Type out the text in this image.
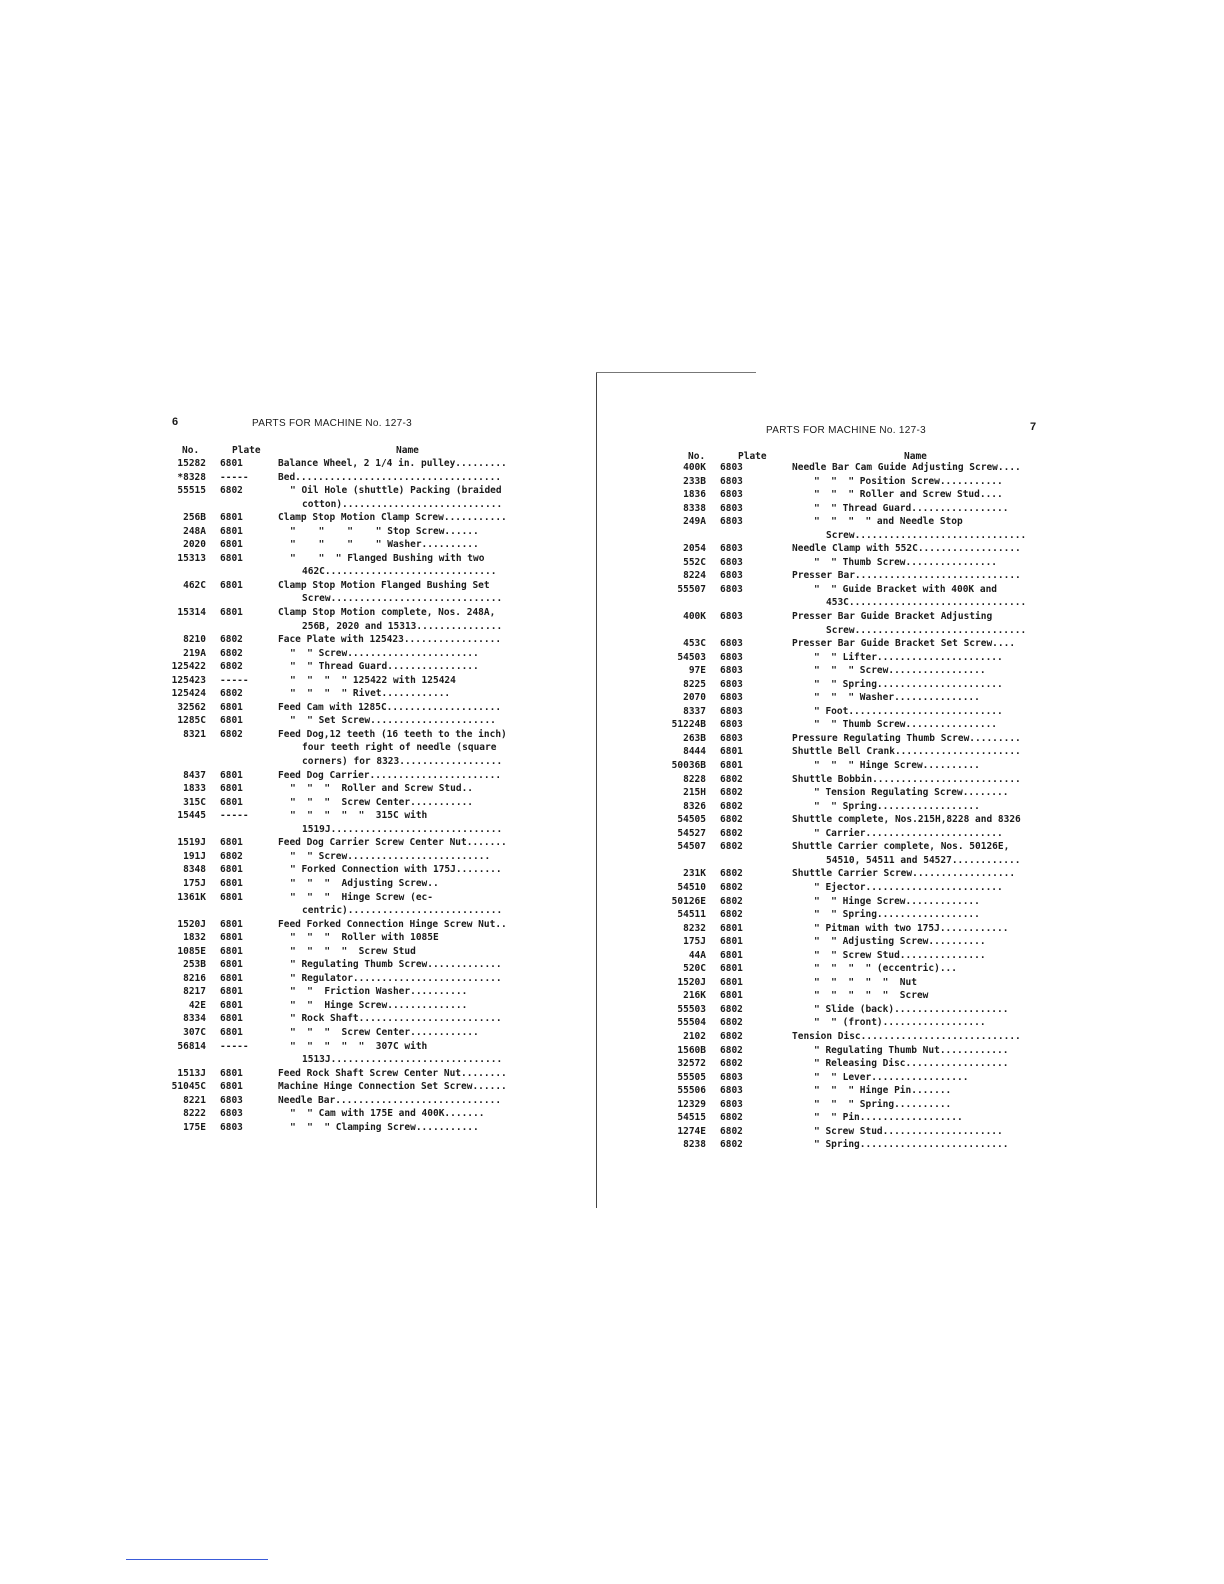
6	PARTS FOR MACHINE No. 127-3
No.	Plate	Name
15282 6801	Balance Wheel, 2 1/4 in. pulley.........
*8328 -----	Bed....................................
55515 6802	" Oil Hole (shuttle) Packing (braided
cotton)............................
256B 6801	Clamp Stop Motion Clamp Screw...........
248A 6801	"    "    "    " Stop Screw......
2020 6801	"    "    "    " Washer..........
15313 6801	"    "  " Flanged Bushing with two
462C..............................
462C 6801	Clamp Stop Motion Flanged Bushing Set
Screw..............................
15314 6801	Clamp Stop Motion complete, Nos. 248A,
256B, 2020 and 15313...............
8210 6802	Face Plate with 125423.................
219A 6802	"  " Screw.......................
125422 6802	"  " Thread Guard................
125423 -----	"  "  "  " 125422 with 125424
125424 6802	"  "  "  " Rivet............
32562 6801	Feed Cam with 1285C....................
1285C 6801	"  " Set Screw......................
8321 6802	Feed Dog,12 teeth (16 teeth to the inch)
four teeth right of needle (square
corners) for 8323..................
8437 6801	Feed Dog Carrier.......................
1833 6801	"  "  "  Roller and Screw Stud..
315C 6801	"  "  "  Screw Center...........
15445 -----	"  "  "  "  "  315C with
1519J..............................
1519J 6801	Feed Dog Carrier Screw Center Nut.......
191J 6802	"  " Screw.........................
8348 6801	" Forked Connection with 175J........
175J 6801	"  "  "  Adjusting Screw..
1361K 6801	"  "  "  Hinge Screw (ec-
centric)...........................
1520J 6801	Feed Forked Connection Hinge Screw Nut..
1832 6801	"  "  "  Roller with 1085E
1085E 6801	"  "  "  "  Screw Stud
253B 6801	" Regulating Thumb Screw.............
8216 6801	" Regulator..........................
8217 6801	"  "  Friction Washer..........
42E 6801	"  "  Hinge Screw..............
8334 6801	" Rock Shaft.........................
307C 6801	"  "  "  Screw Center............
56814 -----	"  "  "  "  "  307C with
1513J..............................
1513J 6801	Feed Rock Shaft Screw Center Nut........
51045C 6801	Machine Hinge Connection Set Screw......
8221 6803	Needle Bar.............................
8222 6803	"  " Cam with 175E and 400K.......
175E 6803	"  "  " Clamping Screw...........
7
PARTS FOR MACHINE No. 127-3
No.	Plate	Name
400K 6803	Needle Bar Cam Guide Adjusting Screw....
233B 6803	"  "  " Position Screw...........
1836 6803	"  "  " Roller and Screw Stud....
8338 6803	"  " Thread Guard.................
249A 6803	"  "  "  " and Needle Stop
Screw..............................
2054 6803	Needle Clamp with 552C..................
552C 6803	"  " Thumb Screw................
8224 6803	Presser Bar.............................
55507 6803	"  " Guide Bracket with 400K and
453C...............................
400K 6803	Presser Bar Guide Bracket Adjusting
Screw..............................
453C 6803	Presser Bar Guide Bracket Set Screw....
54503 6803	"  " Lifter......................
97E 6803	"  "  " Screw.................
8225 6803	"  " Spring......................
2070 6803	"  "  " Washer...............
8337 6803	" Foot...........................
51224B 6803	"  " Thumb Screw................
263B 6803	Pressure Regulating Thumb Screw.........
8444 6801	Shuttle Bell Crank......................
50036B 6801	"  "  " Hinge Screw..........
8228 6802	Shuttle Bobbin..........................
215H 6802	" Tension Regulating Screw........
8326 6802	"  " Spring..................
54505 6802	Shuttle complete, Nos.215H,8228 and 8326
54527 6802	" Carrier........................
54507 6802	Shuttle Carrier complete, Nos. 50126E,
54510, 54511 and 54527............
231K 6802	Shuttle Carrier Screw..................
54510 6802	" Ejector........................
50126E 6802	"  " Hinge Screw.............
54511 6802	"  " Spring..................
8232 6801	" Pitman with two 175J............
175J 6801	"  " Adjusting Screw..........
44A 6801	"  " Screw Stud...............
520C 6801	"  "  "  " (eccentric)...
1520J 6801	"  "  "  "  "  Nut
216K 6801	"  "  "  "  "  Screw
55503 6802	" Slide (back)....................
55504 6802	"  " (front)..................
2102 6802	Tension Disc............................
1560B 6802	" Regulating Thumb Nut............
32572 6802	" Releasing Disc..................
55505 6803	"  " Lever.................
55506 6803	"  "  " Hinge Pin.......
12329 6803	"  "  " Spring..........
54515 6802	"  " Pin..................
1274E 6802	" Screw Stud.....................
8238 6802	" Spring..........................
